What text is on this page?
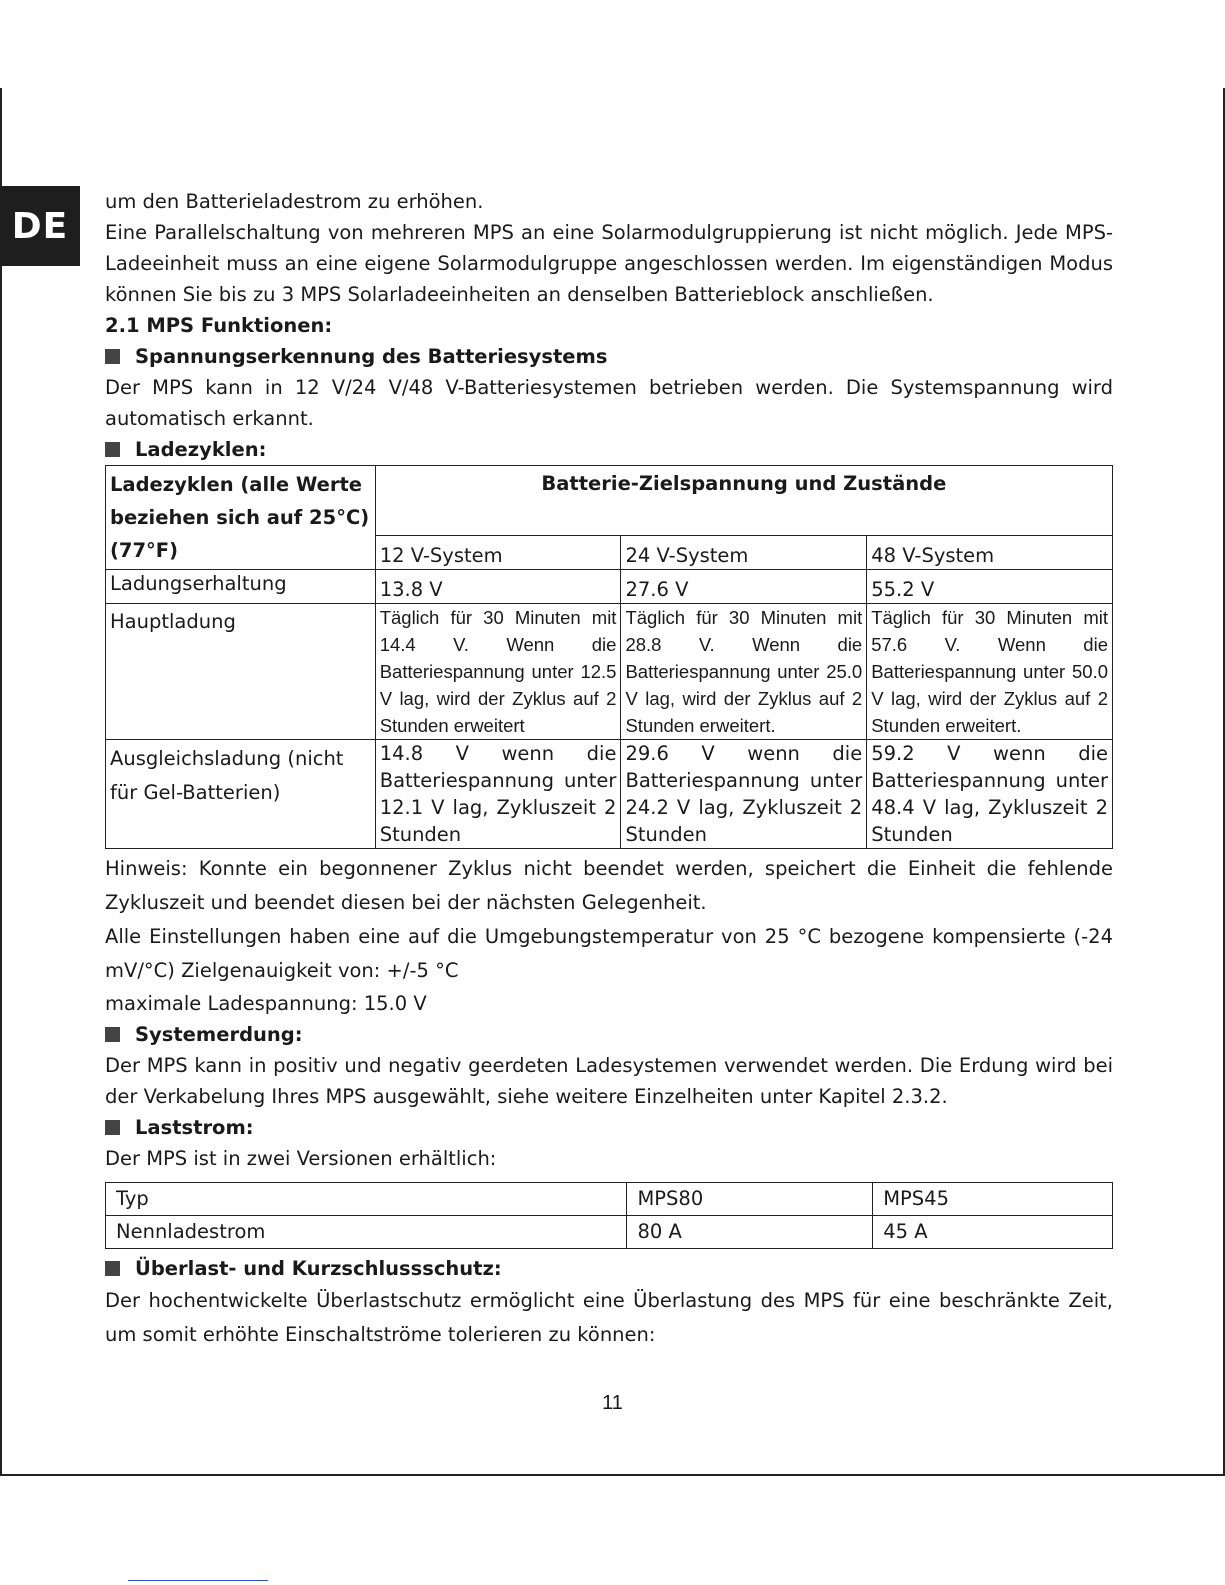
DE

um den Batterieladestrom zu erhöhen.

Eine Parallelschaltung von mehreren MPS an eine Solarmodulgruppierung ist nicht möglich. Jede MPS-Ladeeinheit muss an eine eigene Solarmodulgruppe angeschlossen werden. Im eigenständigen Modus können Sie bis zu 3 MPS Solarladeeinheiten an denselben Batterieblock anschließen.

2.1 MPS Funktionen:

Spannungserkennung des Batteriesystems

Der MPS kann in 12 V/24 V/48 V-Batteriesystemen betrieben werden. Die Systemspannung wird automatisch erkannt.

Ladezyklen:

Ladezyklen (alle Werte beziehen sich auf 25°C) (77°F)	Batterie-Zielspannung und Zustände		
	12 V-System	24 V-System	48 V-System
Ladungserhaltung	13.8 V	27.6 V	55.2 V
Hauptladung	Täglich für 30 Minuten mit 14.4 V. Wenn die Batteriespannung unter 12.5 V lag, wird der Zyklus auf 2 Stunden erweitert	Täglich für 30 Minuten mit 28.8 V. Wenn die Batteriespannung unter 25.0 V lag, wird der Zyklus auf 2 Stunden erweitert.	Täglich für 30 Minuten mit 57.6 V. Wenn die Batteriespannung unter 50.0 V lag, wird der Zyklus auf 2 Stunden erweitert.
Ausgleichsladung (nicht für Gel-Batterien)	14.8 V wenn die Batteriespannung unter 12.1 V lag, Zykluszeit 2 Stunden	29.6 V wenn die Batteriespannung unter 24.2 V lag, Zykluszeit 2 Stunden	59.2 V wenn die Batteriespannung unter 48.4 V lag, Zykluszeit 2 Stunden

Hinweis: Konnte ein begonnener Zyklus nicht beendet werden, speichert die Einheit die fehlende Zykluszeit und beendet diesen bei der nächsten Gelegenheit.

Alle Einstellungen haben eine auf die Umgebungstemperatur von 25 °C bezogene kompensierte (-24 mV/°C) Zielgenauigkeit von: +/-5 °C

maximale Ladespannung: 15.0 V

Systemerdung:

Der MPS kann in positiv und negativ geerdeten Ladesystemen verwendet werden. Die Erdung wird bei der Verkabelung Ihres MPS ausgewählt, siehe weitere Einzelheiten unter Kapitel 2.3.2.

Laststrom:

Der MPS ist in zwei Versionen erhältlich:

Typ	MPS80	MPS45
Nennladestrom	80 A	45 A

Überlast- und Kurzschlussschutz:

Der hochentwickelte Überlastschutz ermöglicht eine Überlastung des MPS für eine beschränkte Zeit, um somit erhöhte Einschaltströme tolerieren zu können:

11
